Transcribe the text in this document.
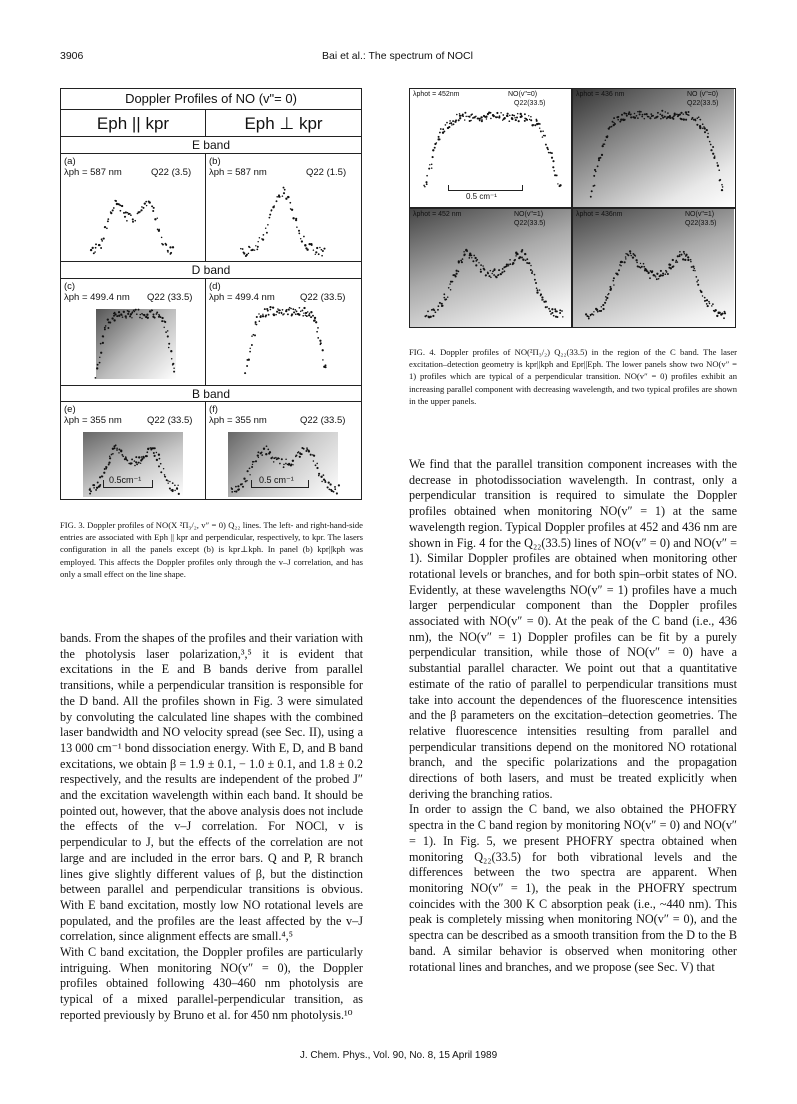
3906	Bai et al.: The spectrum of NOCl
Doppler Profiles of NO (v"= 0)
Eph || kpr	Eph ⊥ kpr
E band
(a)
λph = 587 nm	Q22 (3.5)
(b)
λph = 587 nm	Q22 (1.5)
D band
(c)
λph = 499.4 nm Q22 (33.5)
(d)
λph = 499.4 nm	Q22 (33.5)
B band
(e)
λph = 355 nm	Q22 (33.5)
0.5cm⁻¹
(f)
λph = 355 nm	Q22 (33.5)
0.5 cm⁻¹
FIG. 3. Doppler profiles of NO(X ²Π₃/₂, v″ = 0) Q₂₂ lines. The left- and right-hand-side entries are associated with Eph || kpr and perpendicular, respectively, to kpr. The lasers configuration in all the panels except (b) is kpr⊥kph. In panel (b) kpr||kph was employed. This affects the Doppler profiles only through the v–J correlation, and has only a small effect on the line shape.
λphot = 452nm	NO(v"=0)
Q22(33.5)
0.5 cm⁻¹
λphot = 436 nm	NO (v"=0)
Q22(33.5)
λphot = 452 nm	NO(v"=1)
Q22(33.5)
λphot = 436nm	NO(v"=1)
Q22(33.5)
FIG. 4. Doppler profiles of NO(²Π₃/₂) Q₂₂(33.5) in the region of the C band. The laser excitation–detection geometry is kpr||kph and Epr||Eph. The lower panels show two NO(v″ = 1) profiles which are typical of a perpendicular transition. NO(v″ = 0) profiles exhibit an increasing parallel component with decreasing wavelength, and two typical profiles are shown in the upper panels.

bands. From the shapes of the profiles and their variation with the photolysis laser polarization,³,⁵ it is evident that excitations in the E and B bands derive from parallel transitions, while a perpendicular transition is responsible for the D band. All the profiles shown in Fig. 3 were simulated by convoluting the calculated line shapes with the combined laser bandwidth and NO velocity spread (see Sec. II), using a 13 000 cm⁻¹ bond dissociation energy. With E, D, and B band excitations, we obtain β = 1.9 ± 0.1, − 1.0 ± 0.1, and 1.8 ± 0.2 respectively, and the results are independent of the probed J″ and the excitation wavelength within each band. It should be pointed out, however, that the above analysis does not include the effects of the v–J correlation. For NOCl, v is perpendicular to J, but the effects of the correlation are not large and are included in the error bars. Q and P, R branch lines give slightly different values of β, but the distinction between parallel and perpendicular transitions is obvious. With E band excitation, mostly low NO rotational levels are populated, and the profiles are the least affected by the v–J correlation, since alignment effects are small.⁴,⁵

With C band excitation, the Doppler profiles are particularly intriguing. When monitoring NO(v″ = 0), the Doppler profiles obtained following 430–460 nm photolysis are typical of a mixed parallel-perpendicular transition, as reported previously by Bruno et al. for 450 nm photolysis.¹⁰

We find that the parallel transition component increases with the decrease in photodissociation wavelength. In contrast, only a perpendicular transition is required to simulate the Doppler profiles obtained when monitoring NO(v″ = 1) at the same wavelength region. Typical Doppler profiles at 452 and 436 nm are shown in Fig. 4 for the Q₂₂(33.5) lines of NO(v″ = 0) and NO(v″ = 1). Similar Doppler profiles are obtained when monitoring other rotational levels or branches, and for both spin–orbit states of NO. Evidently, at these wavelengths NO(v″ = 1) profiles have a much larger perpendicular component than the Doppler profiles associated with NO(v″ = 0). At the peak of the C band (i.e., 436 nm), the NO(v″ = 1) Doppler profiles can be fit by a purely perpendicular transition, while those of NO(v″ = 0) have a substantial parallel character. We point out that a quantitative estimate of the ratio of parallel to perpendicular transitions must take into account the dependences of the fluorescence intensities and the β parameters on the excitation–detection geometries. The relative fluorescence intensities resulting from parallel and perpendicular transitions depend on the monitored NO rotational branch, and the specific polarizations and the propagation directions of both lasers, and must be treated explicitly when deriving the branching ratios.

In order to assign the C band, we also obtained the PHOFRY spectra in the C band region by monitoring NO(v″ = 0) and NO(v″ = 1). In Fig. 5, we present PHOFRY spectra obtained when monitoring Q₂₂(33.5) for both vibrational levels and the differences between the two spectra are apparent. When monitoring NO(v″ = 1), the peak in the PHOFRY spectrum coincides with the 300 K C absorption peak (i.e., ~440 nm). This peak is completely missing when monitoring NO(v″ = 0), and the spectra can be described as a smooth transition from the D to the B band. A similar behavior is observed when monitoring other rotational lines and branches, and we propose (see Sec. V) that

J. Chem. Phys., Vol. 90, No. 8, 15 April 1989
